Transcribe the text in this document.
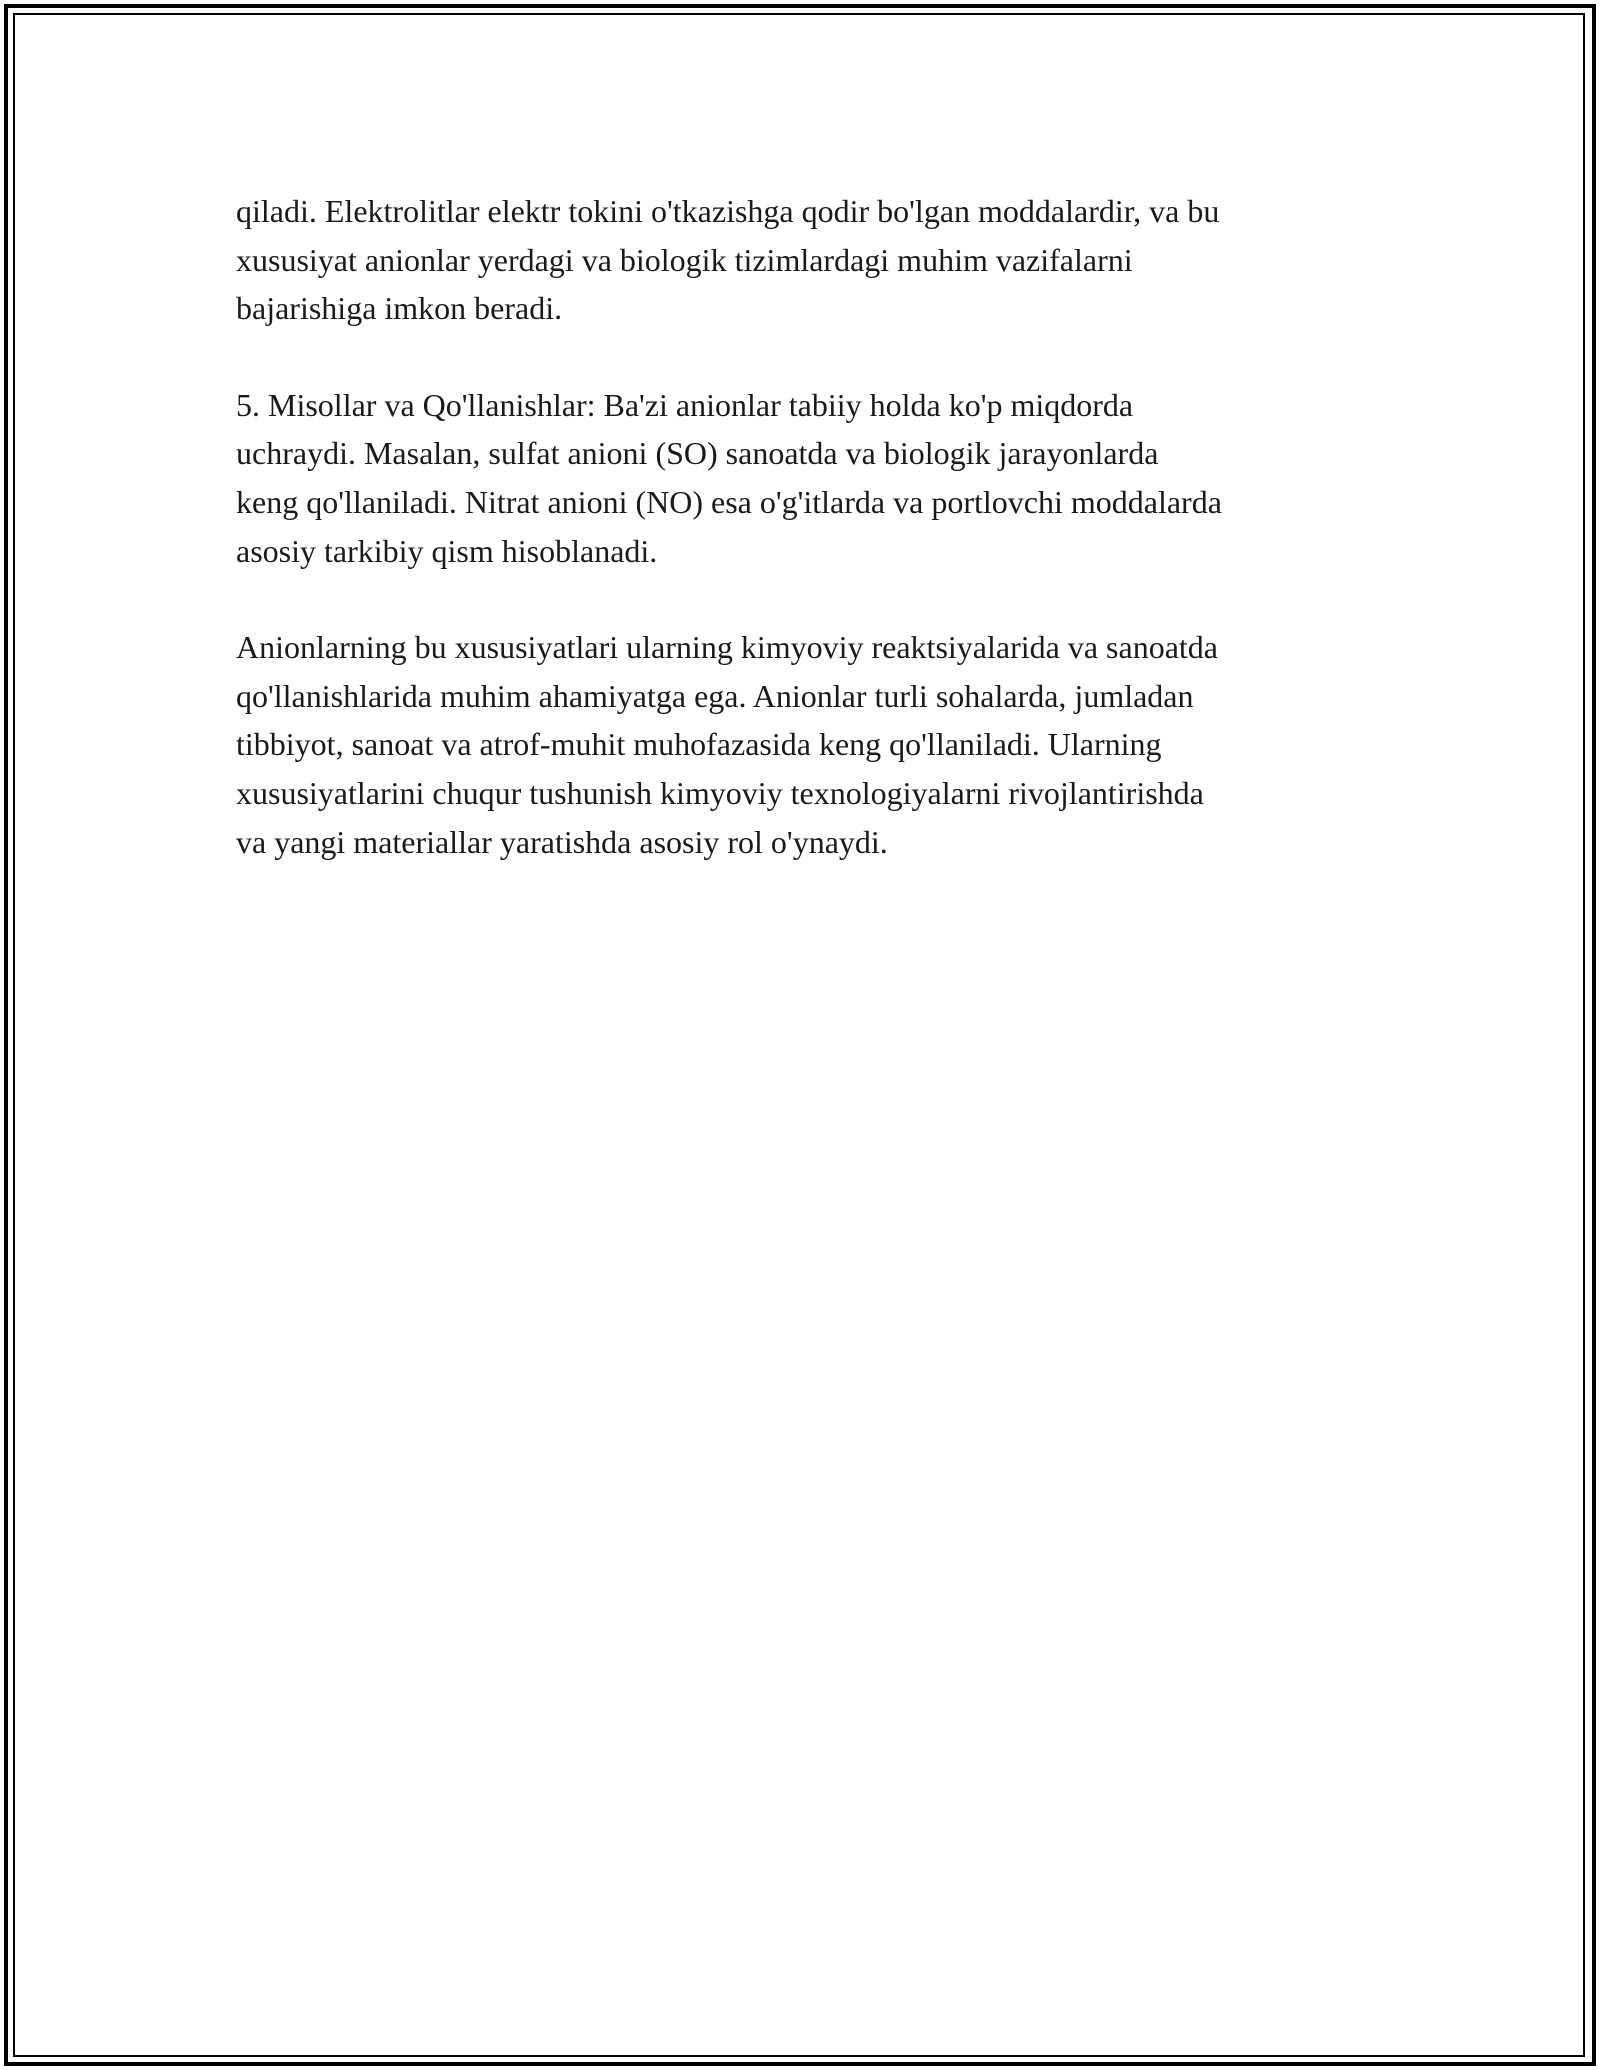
qiladi. Elektrolitlar elektr tokini o'tkazishga qodir bo'lgan moddalardir, va bu
xususiyat anionlar yerdagi va biologik tizimlardagi muhim vazifalarni
bajarishiga imkon beradi.

5. Misollar va Qo'llanishlar: Ba'zi anionlar tabiiy holda ko'p miqdorda
uchraydi. Masalan, sulfat anioni (SO) sanoatda va biologik jarayonlarda
keng qo'llaniladi. Nitrat anioni (NO) esa o'g'itlarda va portlovchi moddalarda
asosiy tarkibiy qism hisoblanadi.

Anionlarning bu xususiyatlari ularning kimyoviy reaktsiyalarida va sanoatda
qo'llanishlarida muhim ahamiyatga ega. Anionlar turli sohalarda, jumladan
tibbiyot, sanoat va atrof-muhit muhofazasida keng qo'llaniladi. Ularning
xususiyatlarini chuqur tushunish kimyoviy texnologiyalarni rivojlantirishda
va yangi materiallar yaratishda asosiy rol o'ynaydi.
